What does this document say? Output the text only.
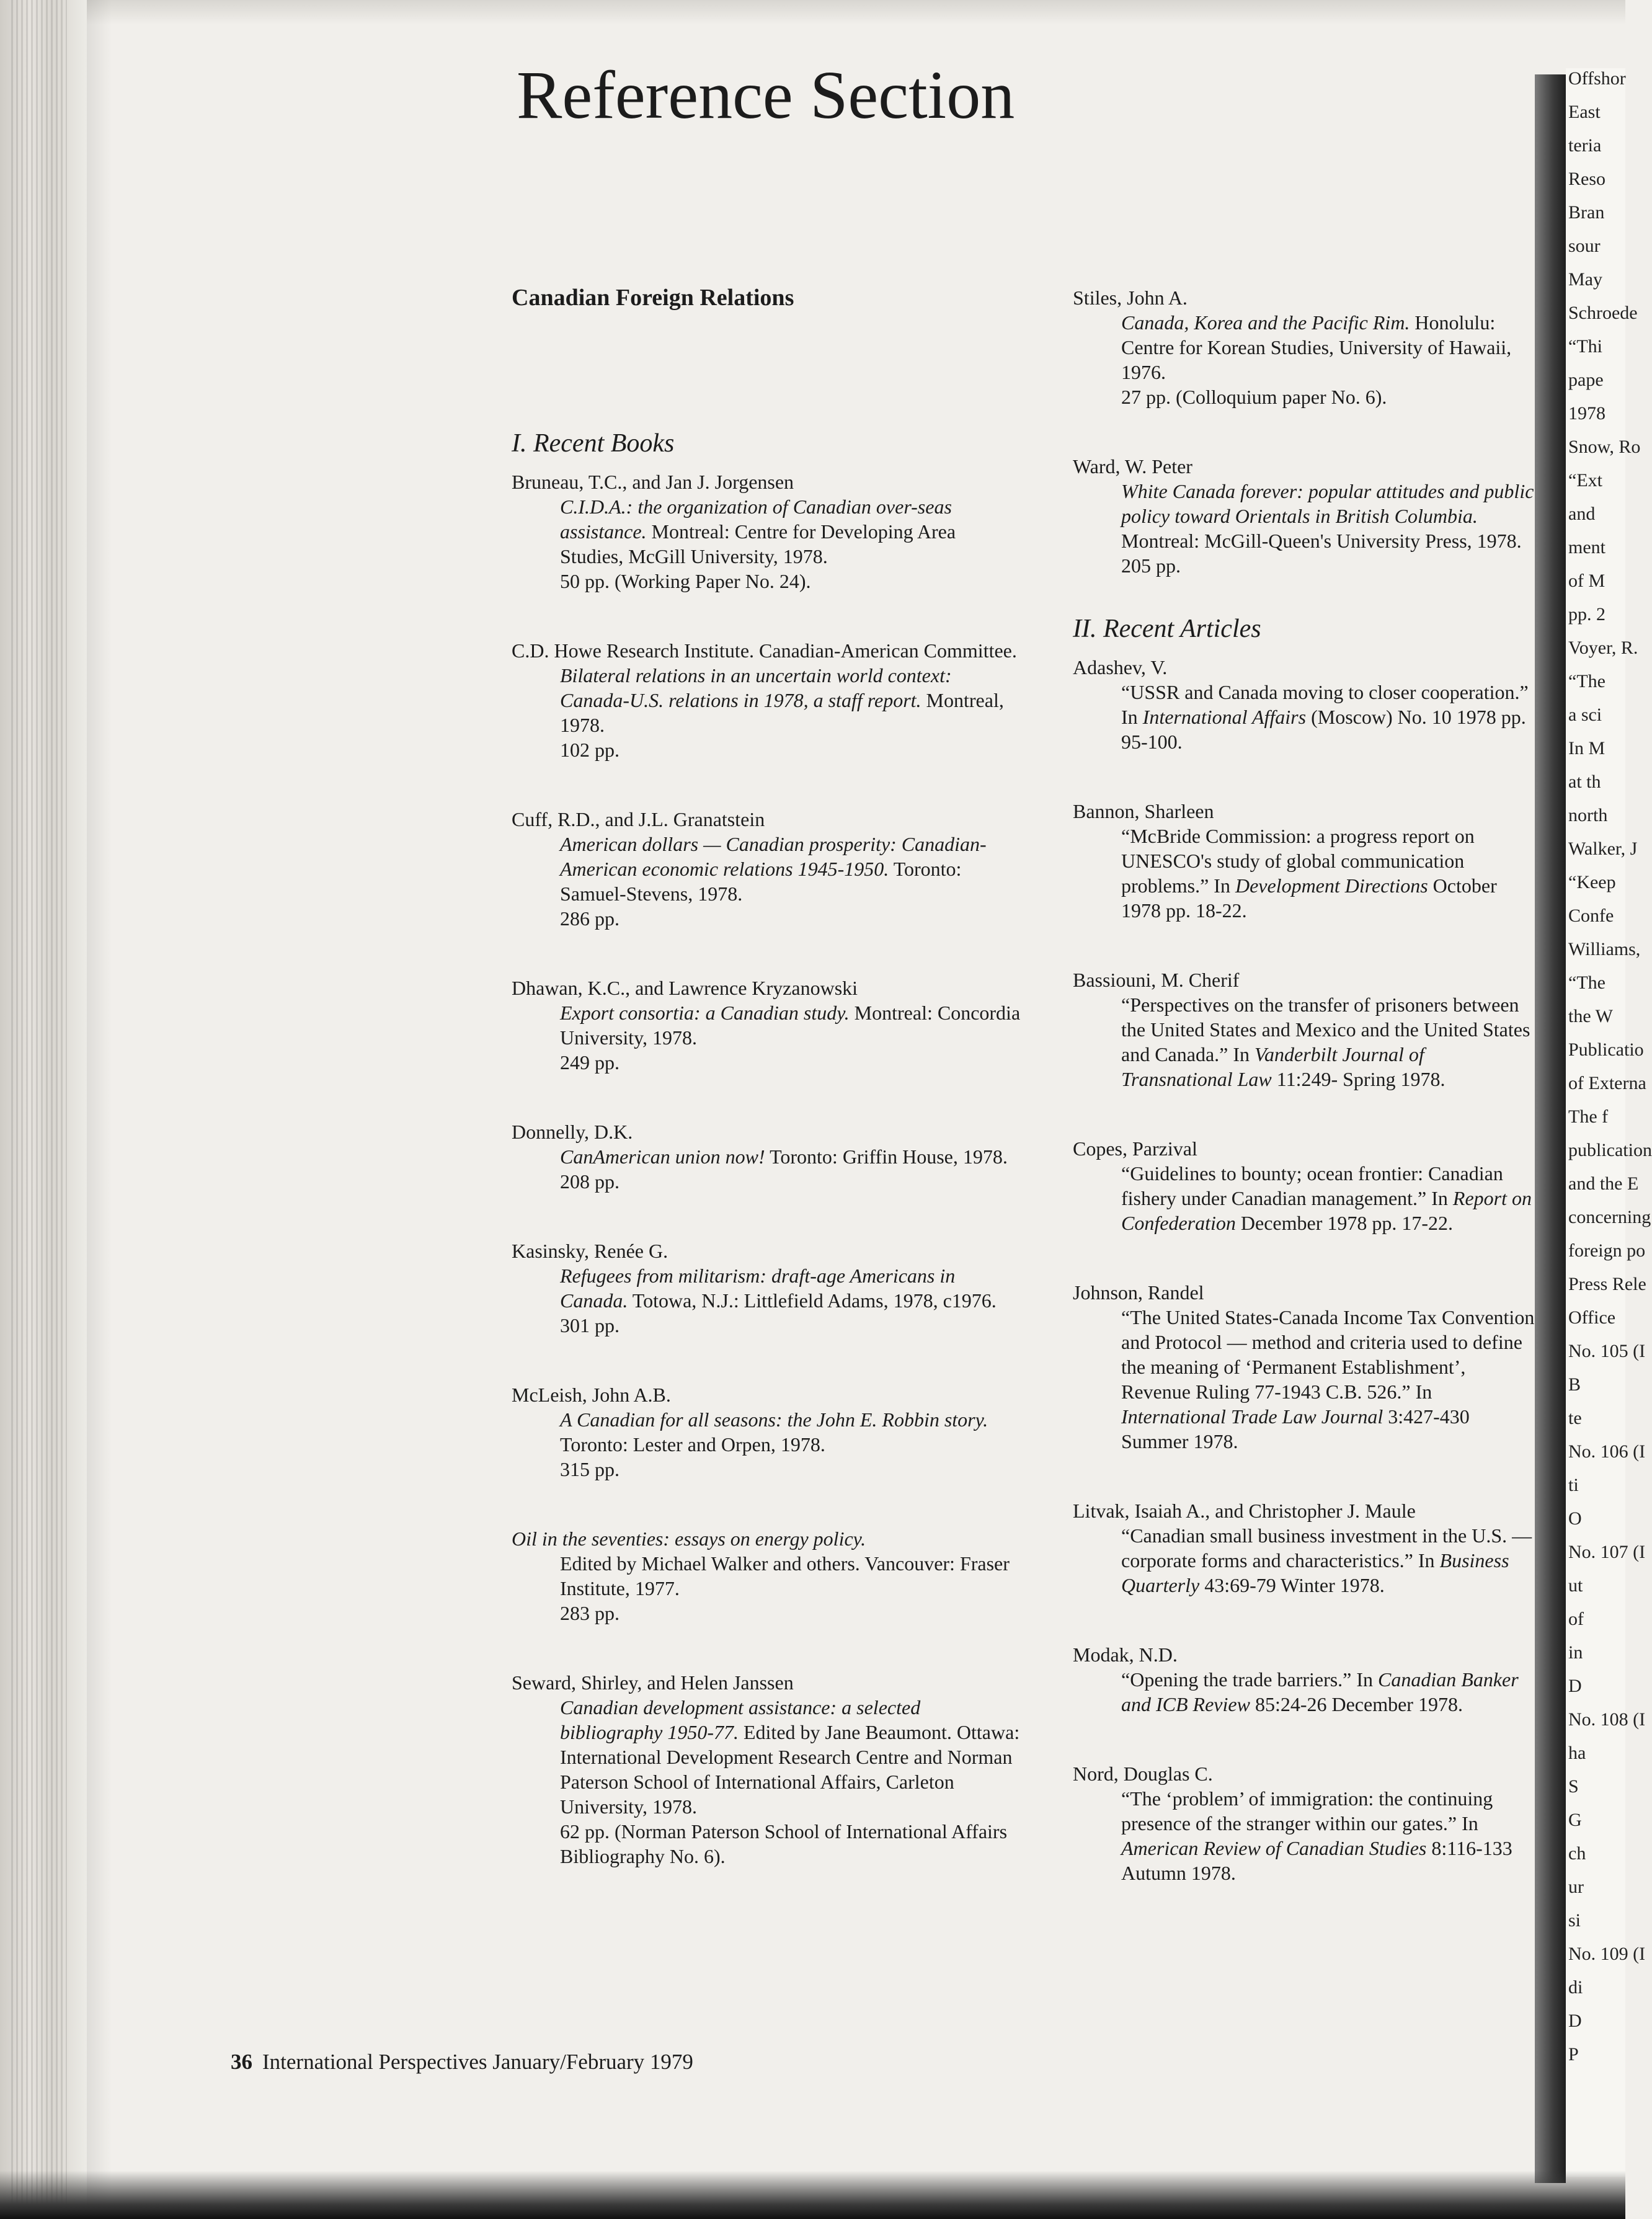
Reference Section
Canadian Foreign Relations
I. Recent Books
Bruneau, T.C., and Jan J. Jorgensen
C.I.D.A.: the organization of Canadian over-seas assistance. Montreal: Centre for Developing Area Studies, McGill University, 1978.
50 pp. (Working Paper No. 24).
C.D. Howe Research Institute. Canadian-American Committee.
Bilateral relations in an uncertain world context: Canada-U.S. relations in 1978, a staff report. Montreal, 1978.
102 pp.
Cuff, R.D., and J.L. Granatstein
American dollars — Canadian prosperity: Canadian-American economic relations 1945-1950. Toronto: Samuel-Stevens, 1978.
286 pp.
Dhawan, K.C., and Lawrence Kryzanowski
Export consortia: a Canadian study. Montreal: Concordia University, 1978.
249 pp.
Donnelly, D.K.
CanAmerican union now! Toronto: Griffin House, 1978.
208 pp.
Kasinsky, Renée G.
Refugees from militarism: draft-age Americans in Canada. Totowa, N.J.: Littlefield Adams, 1978, c1976.
301 pp.
McLeish, John A.B.
A Canadian for all seasons: the John E. Robbin story. Toronto: Lester and Orpen, 1978.
315 pp.
Oil in the seventies: essays on energy policy.
Edited by Michael Walker and others. Vancouver: Fraser Institute, 1977.
283 pp.
Seward, Shirley, and Helen Janssen
Canadian development assistance: a selected bibliography 1950-77. Edited by Jane Beaumont. Ottawa: International Development Research Centre and Norman Paterson School of International Affairs, Carleton University, 1978.
62 pp. (Norman Paterson School of International Affairs Bibliography No. 6).
Stiles, John A.
Canada, Korea and the Pacific Rim. Honolulu: Centre for Korean Studies, University of Hawaii, 1976.
27 pp. (Colloquium paper No. 6).
Ward, W. Peter
White Canada forever: popular attitudes and public policy toward Orientals in British Columbia. Montreal: McGill-Queen's University Press, 1978.
205 pp.
II. Recent Articles
Adashev, V.
“USSR and Canada moving to closer cooperation.” In International Affairs (Moscow) No. 10 1978 pp. 95-100.
Bannon, Sharleen
“McBride Commission: a progress report on UNESCO's study of global communication problems.” In Development Directions October 1978 pp. 18-22.
Bassiouni, M. Cherif
“Perspectives on the transfer of prisoners between the United States and Mexico and the United States and Canada.” In Vanderbilt Journal of Transnational Law 11:249- Spring 1978.
Copes, Parzival
“Guidelines to bounty; ocean frontier: Canadian fishery under Canadian management.” In Report on Confederation December 1978 pp. 17-22.
Johnson, Randel
“The United States-Canada Income Tax Convention and Protocol — method and criteria used to define the meaning of ‘Permanent Establishment’, Revenue Ruling 77-1943 C.B. 526.” In International Trade Law Journal 3:427-430 Summer 1978.
Litvak, Isaiah A., and Christopher J. Maule
“Canadian small business investment in the U.S. — corporate forms and characteristics.” In Business Quarterly 43:69-79 Winter 1978.
Modak, N.D.
“Opening the trade barriers.” In Canadian Banker and ICB Review 85:24-26 December 1978.
Nord, Douglas C.
“The ‘problem’ of immigration: the continuing presence of the stranger within our gates.” In American Review of Canadian Studies 8:116-133 Autumn 1978.
Offshor
East
teria
Reso
Bran
sour
May
Schroede
“Thi
pape
1978
Snow, Ro
“Ext
and
ment
of M
pp. 2
Voyer, R.
“The
a sci
In M
at th
north
Walker, J
“Keep
Confe
Williams,
“The
the W
Publicatio
of Externa
The f
publication
and the E
concerning
foreign po
Press Rele
Office
No. 105 (I
B
te
No. 106 (I
ti
O
No. 107 (I
ut
of
in
D
No. 108 (I
ha
S
G
ch
ur
si
No. 109 (I
di
D
P
36 International Perspectives January/February 1979
